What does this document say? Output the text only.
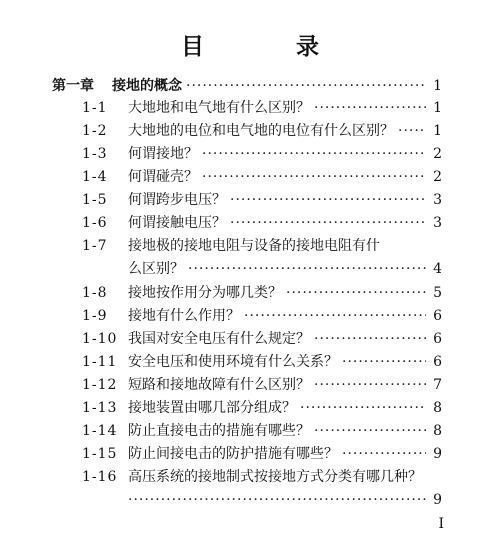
目 录
第一章	接地的概念 ·····	1
1-1	大地地和电气地有什么区别？ ·····	1
1-2	大地地的电位和电气地的电位有什么区别？ ·····	1
1-3	何谓接地？ ·····	2
1-4	何谓碰壳？ ·····	2
1-5	何谓跨步电压？ ·····	3
1-6	何谓接触电压？ ·····	3
1-7	接地极的接地电阻与设备的接地电阻有什
么区别？ ·····	4
1-8	接地按作用分为哪几类？ ·····	5
1-9	接地有什么作用？ ·····	6
1-10 我国对安全电压有什么规定？ ·····	6
1-11 安全电压和使用环境有什么关系？ ·····	6
1-12 短路和接地故障有什么区别？ ·····	7
1-13 接地装置由哪几部分组成？ ·····	8
1-14 防止直接电击的措施有哪些？ ·····	8
1-15 防止间接电击的防护措施有哪些？ ·····	9
1-16 高压系统的接地制式按接地方式分类有哪几种？
·····
9
I
